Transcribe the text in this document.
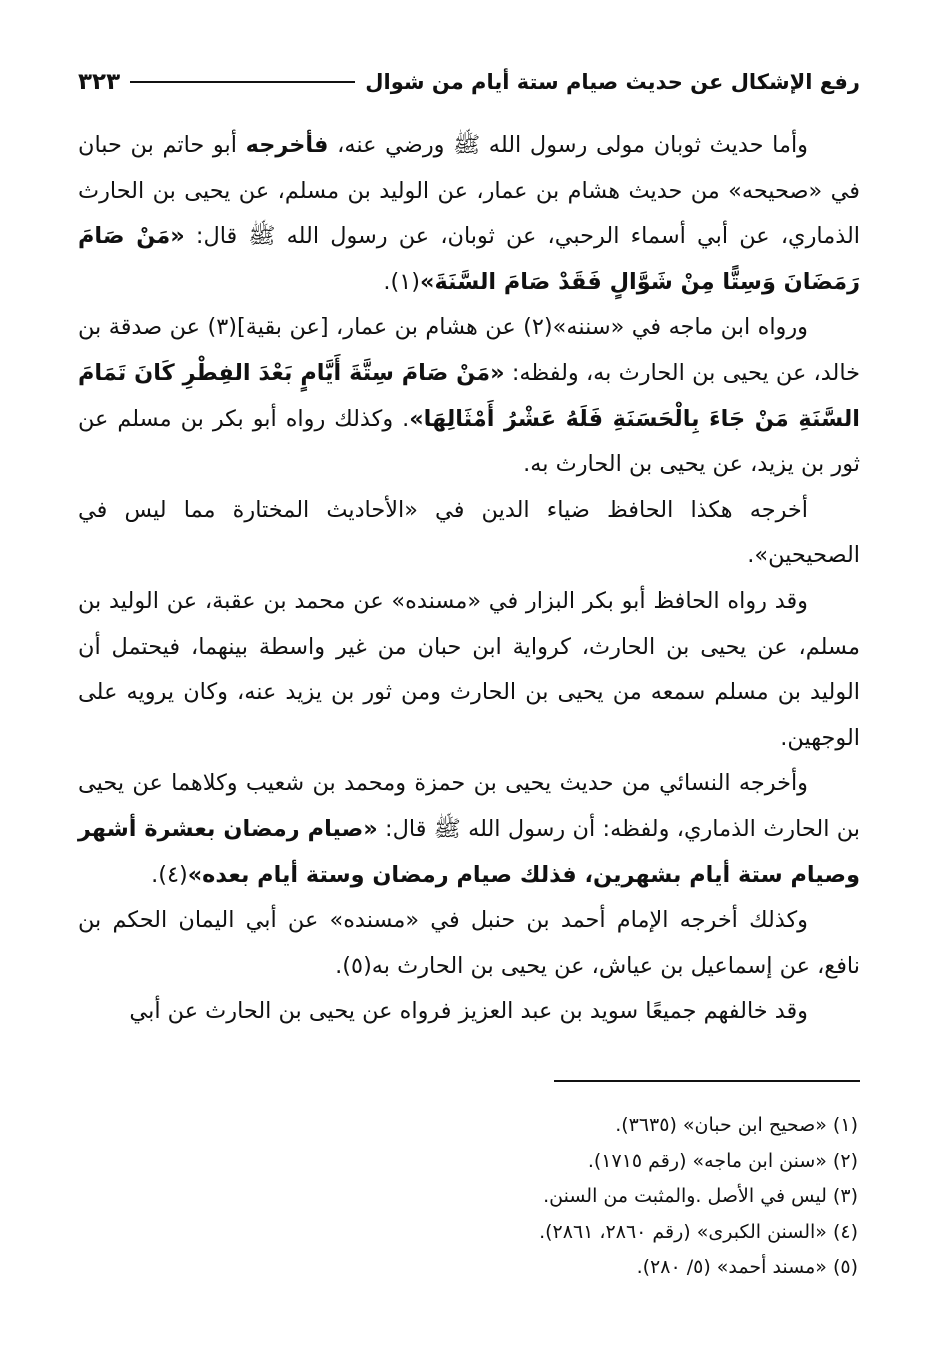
رفع الإشكال عن حديث صيام ستة أيام من شوال
٣٢٣

وأما حديث ثوبان مولى رسول الله ﷺ ورضي عنه، فأخرجه أبو حاتم بن حبان في «صحيحه» من حديث هشام بن عمار، عن الوليد بن مسلم، عن يحيى بن الحارث الذماري، عن أبي أسماء الرحبي، عن ثوبان، عن رسول الله ﷺ قال: «مَنْ صَامَ رَمَضَانَ وَسِتًّا مِنْ شَوَّالٍ فَقَدْ صَامَ السَّنَةَ»(١).

ورواه ابن ماجه في «سننه»(٢) عن هشام بن عمار، [عن بقية](٣) عن صدقة بن خالد، عن يحيى بن الحارث به، ولفظه: «مَنْ صَامَ سِتَّةَ أَيَّامٍ بَعْدَ الفِطْرِ كَانَ تَمَامَ السَّنَةِ مَنْ جَاءَ بِالْحَسَنَةِ فَلَهُ عَشْرُ أَمْثَالِهَا». وكذلك رواه أبو بكر بن مسلم عن ثور بن يزيد، عن يحيى بن الحارث به.

أخرجه هكذا الحافظ ضياء الدين في «الأحاديث المختارة مما ليس في الصحيحين».

وقد رواه الحافظ أبو بكر البزار في «مسنده» عن محمد بن عقبة، عن الوليد بن مسلم، عن يحيى بن الحارث، كرواية ابن حبان من غير واسطة بينهما، فيحتمل أن الوليد بن مسلم سمعه من يحيى بن الحارث ومن ثور بن يزيد عنه، وكان يرويه على الوجهين.

وأخرجه النسائي من حديث يحيى بن حمزة ومحمد بن شعيب وكلاهما عن يحيى بن الحارث الذماري، ولفظه: أن رسول الله ﷺ قال: «صيام رمضان بعشرة أشهر وصيام ستة أيام بشهرين، فذلك صيام رمضان وستة أيام بعده»(٤).

وكذلك أخرجه الإمام أحمد بن حنبل في «مسنده» عن أبي اليمان الحكم بن نافع، عن إسماعيل بن عياش، عن يحيى بن الحارث به(٥).

وقد خالفهم جميعًا سويد بن عبد العزيز فرواه عن يحيى بن الحارث عن أبي

(١) «صحيح ابن حبان» (٣٦٣٥).
(٢) «سنن ابن ماجه» (رقم ١٧١٥).
(٣) ليس في الأصل .والمثبت من السنن.
(٤) «السنن الكبرى» (رقم ٢٨٦٠، ٢٨٦١).
(٥) «مسند أحمد» (٥/ ٢٨٠).
